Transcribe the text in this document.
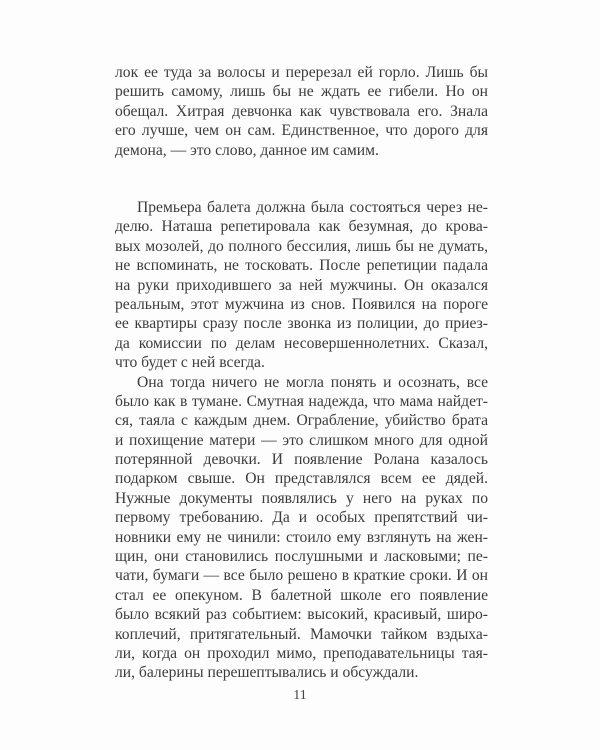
лок ее туда за волосы и перерезал ей горло. Лишь бы
решить самому, лишь бы не ждать ее гибели. Но он
обещал. Хитрая девчонка как чувствовала его. Знала
его лучше, чем он сам. Единственное, что дорого для
демона, — это слово, данное им самим.
Премьера балета должна была состояться через не-
делю. Наташа репетировала как безумная, до крова-
вых мозолей, до полного бессилия, лишь бы не думать,
не вспоминать, не тосковать. После репетиции падала
на руки приходившего за ней мужчины. Он оказался
реальным, этот мужчина из снов. Появился на пороге
ее квартиры сразу после звонка из полиции, до приез-
да комиссии по делам несовершеннолетних. Сказал,
что будет с ней всегда.
Она тогда ничего не могла понять и осознать, все
было как в тумане. Смутная надежда, что мама найдет-
ся, таяла с каждым днем. Ограбление, убийство брата
и похищение матери — это слишком много для одной
потерянной девочки. И появление Ролана казалось
подарком свыше. Он представлялся всем ее дядей.
Нужные документы появлялись у него на руках по
первому требованию. Да и особых препятствий чи-
новники ему не чинили: стоило ему взглянуть на жен-
щин, они становились послушными и ласковыми; пе-
чати, бумаги — все было решено в краткие сроки. И он
стал ее опекуном. В балетной школе его появление
было всякий раз событием: высокий, красивый, широ-
коплечий, притягательный. Мамочки тайком вздыха-
ли, когда он проходил мимо, преподавательницы тая-
ли, балерины перешептывались и обсуждали.
11
